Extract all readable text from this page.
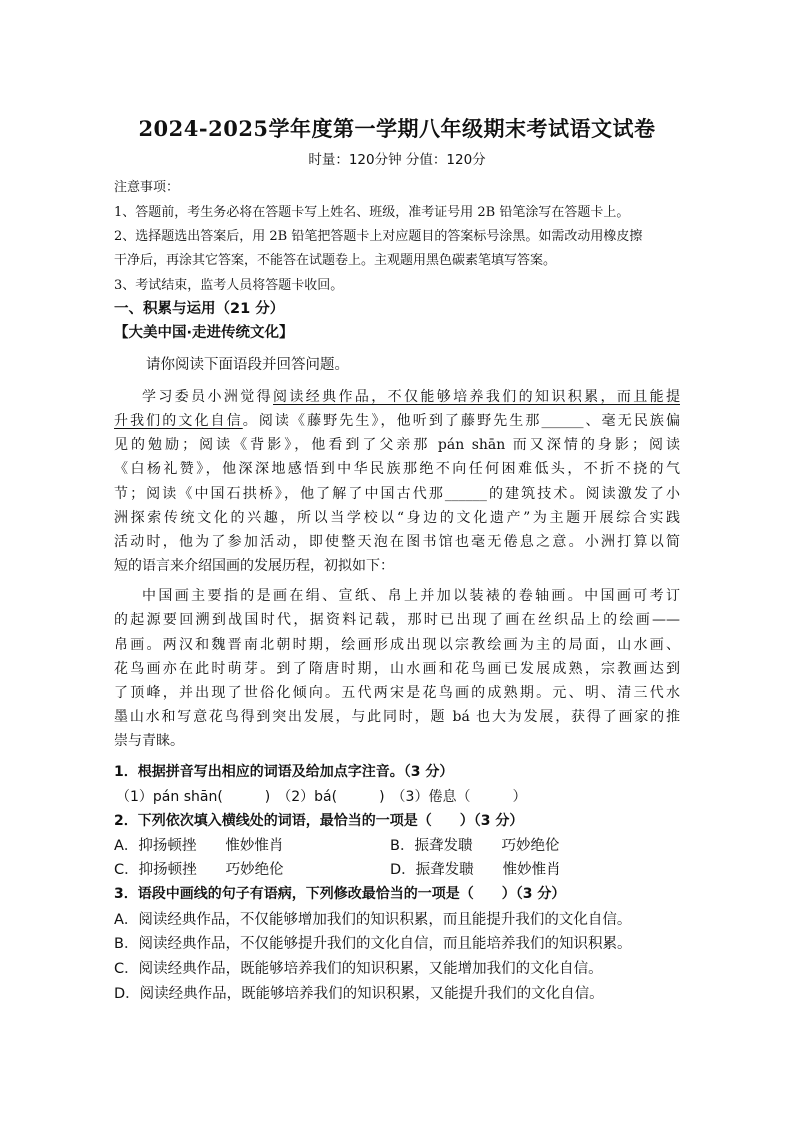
2024-2025学年度第一学期八年级期末考试语文试卷
时量：120分钟 分值：120分
注意事项：
1、答题前，考生务必将在答题卡写上姓名、班级，准考证号用 2B 铅笔涂写在答题卡上。
2、选择题选出答案后，用 2B 铅笔把答题卡上对应题目的答案标号涂黑。如需改动用橡皮擦
干净后，再涂其它答案，不能答在试题卷上。主观题用黑色碳素笔填写答案。
3、考试结束，监考人员将答题卡收回。
一、积累与运用（21 分）
【大美中国·走进传统文化】
请你阅读下面语段并回答问题。
学习委员小洲觉得阅读经典作品，不仅能够培养我们的知识积累，而且能提
升我们的文化自信。阅读《藤野先生》，他听到了藤野先生那______、毫无民族偏
见的勉励；阅读《背影》，他看到了父亲那 pán shān 而又深情的身影；阅读
《白杨礼赞》，他深深地感悟到中华民族那绝不向任何困难低头，不折不挠的气
节；阅读《中国石拱桥》，他了解了中国古代那______的建筑技术。阅读激发了小
洲探索传统文化的兴趣，所以当学校以“身边的文化遗产”为主题开展综合实践
活动时，他为了参加活动，即使整天泡在图书馆也毫无倦息之意。小洲打算以简
短的语言来介绍国画的发展历程，初拟如下：
中国画主要指的是画在绢、宣纸、帛上并加以装裱的卷轴画。中国画可考订
的起源要回溯到战国时代，据资料记载，那时已出现了画在丝织品上的绘画——
帛画。两汉和魏晋南北朝时期，绘画形成出现以宗教绘画为主的局面，山水画、
花鸟画亦在此时萌芽。到了隋唐时期，山水画和花鸟画已发展成熟，宗教画达到
了顶峰，并出现了世俗化倾向。五代两宋是花鸟画的成熟期。元、明、清三代水
墨山水和写意花鸟得到突出发展，与此同时，题 bá 也大为发展，获得了画家的推
崇与青睐。
1．根据拼音写出相应的词语及给加点字注音。（3 分）
（1）pán shān(　　　)　（2）bá(　　　)　（3）倦息（　　　）
2．下列依次填入横线处的词语，最恰当的一项是（　　）（3 分）
A．抑扬顿挫　　惟妙惟肖	B．振聋发聩　　巧妙绝伦
C．抑扬顿挫　　巧妙绝伦	D．振聋发聩　　惟妙惟肖
3．语段中画线的句子有语病，下列修改最恰当的一项是（　　）（3 分）
A．阅读经典作品，不仅能够增加我们的知识积累，而且能提升我们的文化自信。
B．阅读经典作品，不仅能够提升我们的文化自信，而且能培养我们的知识积累。
C．阅读经典作品，既能够培养我们的知识积累，又能增加我们的文化自信。
D．阅读经典作品，既能够培养我们的知识积累，又能提升我们的文化自信。
